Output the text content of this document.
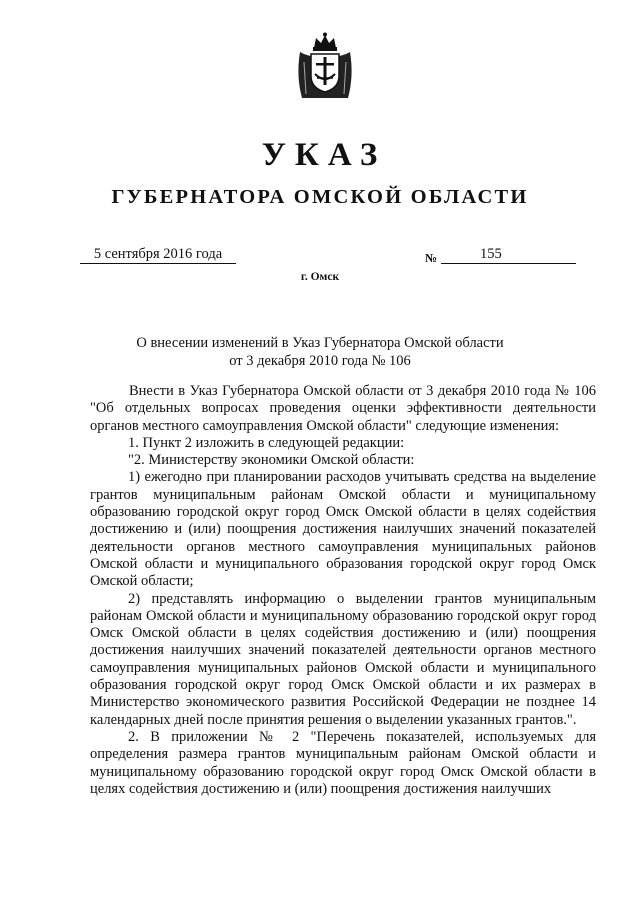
УКАЗ
ГУБЕРНАТОРА ОМСКОЙ ОБЛАСТИ
5 сентября 2016 года	№	155
г. Омск
О внесении изменений в Указ Губернатора Омской области
от 3 декабря 2010 года № 106

Внести в Указ Губернатора Омской области от 3 декабря 2010 года № 106 "Об отдельных вопросах проведения оценки эффективности деятельности органов местного самоуправления Омской области" следующие изменения:

1. Пункт 2 изложить в следующей редакции:

"2. Министерству экономики Омской области:

1) ежегодно при планировании расходов учитывать средства на выделение грантов муниципальным районам Омской области и муниципальному образованию городской округ город Омск Омской области в целях содействия достижению и (или) поощрения достижения наилучших значений показателей деятельности органов местного самоуправления муниципальных районов Омской области и муниципального образования городской округ город Омск Омской области;

2) представлять информацию о выделении грантов муниципальным районам Омской области и муниципальному образованию городской округ город Омск Омской области в целях содействия достижению и (или) поощрения достижения наилучших значений показателей деятельности органов местного самоуправления муниципальных районов Омской области и муниципального образования городской округ город Омск Омской области и их размерах в Министерство экономического развития Российской Федерации не позднее 14 календарных дней после принятия решения о выделении указанных грантов.".

2. В приложении № 2 "Перечень показателей, используемых для определения размера грантов муниципальным районам Омской области и муниципальному образованию городской округ город Омск Омской области в целях содействия достижению и (или) поощрения достижения наилучших
